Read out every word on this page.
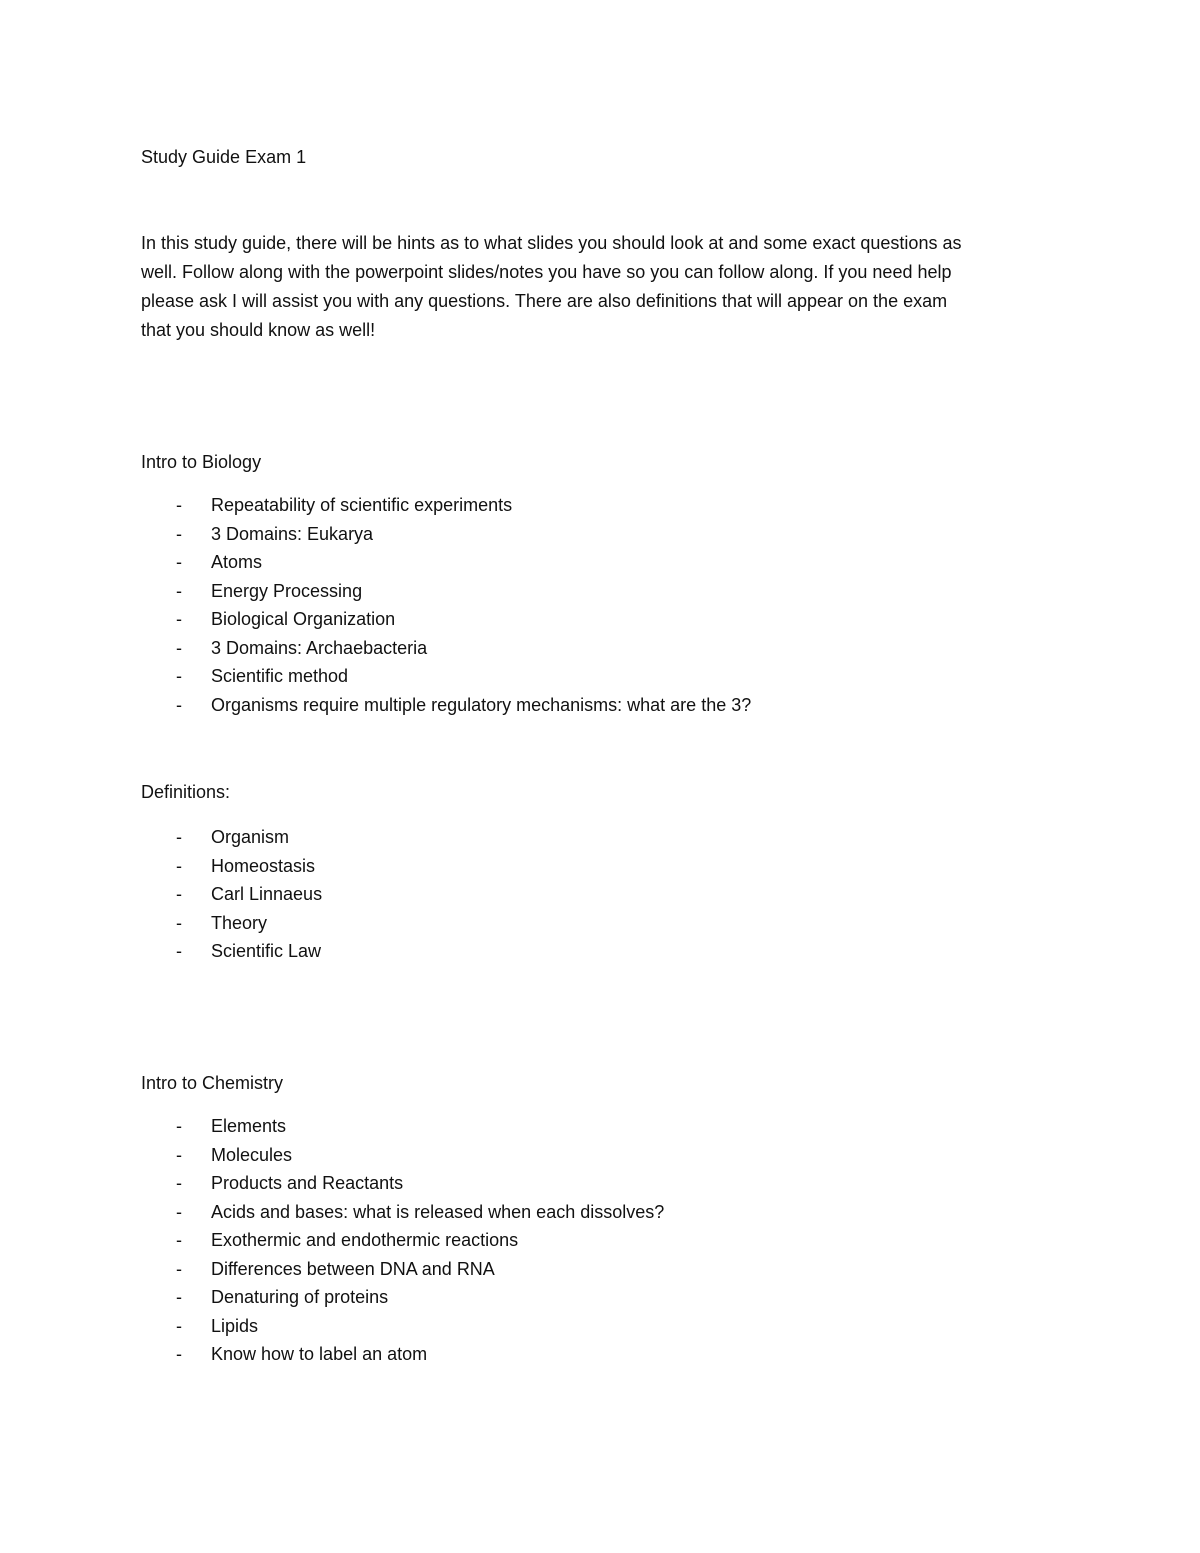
Study Guide Exam 1
In this study guide, there will be hints as to what slides you should look at and some exact questions as
well. Follow along with the powerpoint slides/notes you have so you can follow along. If you need help
please ask I will assist you with any questions. There are also definitions that will appear on the exam
that you should know as well!
Intro to Biology
- Repeatability of scientific experiments
- 3 Domains: Eukarya
- Atoms
- Energy Processing
- Biological Organization
- 3 Domains: Archaebacteria
- Scientific method
- Organisms require multiple regulatory mechanisms: what are the 3?
Definitions:
- Organism
- Homeostasis
- Carl Linnaeus
- Theory
- Scientific Law
Intro to Chemistry
- Elements
- Molecules
- Products and Reactants
- Acids and bases: what is released when each dissolves?
- Exothermic and endothermic reactions
- Differences between DNA and RNA
- Denaturing of proteins
- Lipids
- Know how to label an atom
